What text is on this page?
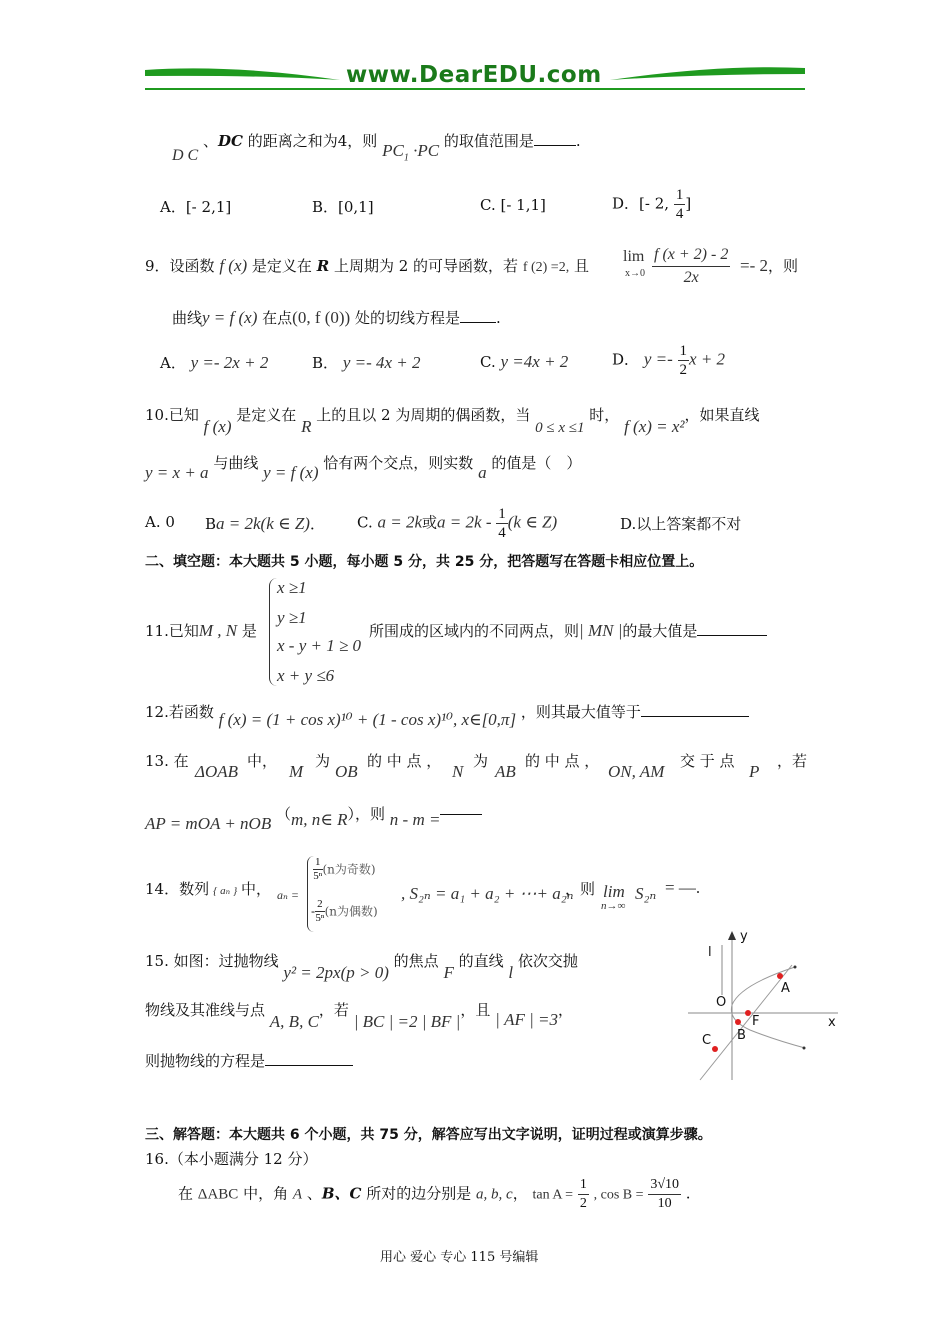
www.DearEDU.com
D C 、DC 的距离之和为4，则 $PC_1 \cdot PC$ 的取值范围是	.
A．[- 2,1]	B．[0,1]	C. [- 1,1]	D．[- 2, $\frac{1}{4}$ ]
9．设函数 f (x) 是定义在 R 上周期为 2 的可导函数，若 f (2) =2, 且
lim
$x\to 0 \frac{f (x + 2) - 2}{2x} =- 2$，则
曲线y = f (x) 在点(0, f (0)) 处的切线方程是 .
A． y =- 2x + 2	B． y =- 4x + 2	C. y =4x + 2	D． $y =- \frac{1}{2}$ x + 2
10.已知 f (x) 是定义在 R 上的且以 2 为周期的偶函数，当 0 ≤ x ≤1 时， f (x) = x²，如果直线
y = x + a 与曲线 y = f (x) 恰有两个交点，则实数 a 的值是（　）
A. 0 Ba = 2k(k ∈ Z)． C. a = 2k或$a = 2k - \frac{1}{4} (k$ ∈ Z)	D.以上答案都不对
二、填空题：本大题共 5 小题，每小题 5 分，共 25 分，把答题写在答题卡相应位置上。
11.已知M , N 是
x ≥1
y ≥1
x - y + 1 ≥ 0
x + y ≤6
所围成的区域内的不同两点，则| MN |的最大值是
12.若函数 f (x) = (1 + cos x)¹⁰ + (1 - cos x)¹⁰, x∈[0,π] ，则其最大值等于
13. 在
ΔOAB
中，
M
为
OB
的 中 点 ，
N
为
AB
的 中 点 ，
ON, AM
交 于 点
P
，若
AP = mOA + nOB （m, n∈ R），则 n - m =
14．数列 { aₙ } 中， aₙ =
$\frac{1}{\text{5ⁿ}} (n$为奇数)
- $\frac{2}{\text{5ⁿ}} (n$为偶数)
, S₂ₙ = a₁ + a₂ + ⋯+ a₂ₙ
，则 lim
n→∞
S₂ₙ = —.
15. 如图：过抛物线 y² = 2px(p > 0) 的焦点 F 的直线 l 依次交抛
物线及其准线与点 A, B, C，若 | BC | =2 | BF |，且 | AF | =3，
则抛物线的方程是
l
y
O
x
A
F
B
C
三、解答题：本大题共 6 个小题，共 75 分，解答应写出文字说明，证明过程或演算步骤。
16.（本小题满分 12 分）
在 ΔABC 中，角 A 、B、C 所对的边分别是 a, b, c， $\tan A = \frac{1}{2}$ , $\cos B = \frac{3√10}{10}$ .
用心 爱心 专心 115 号编辑
